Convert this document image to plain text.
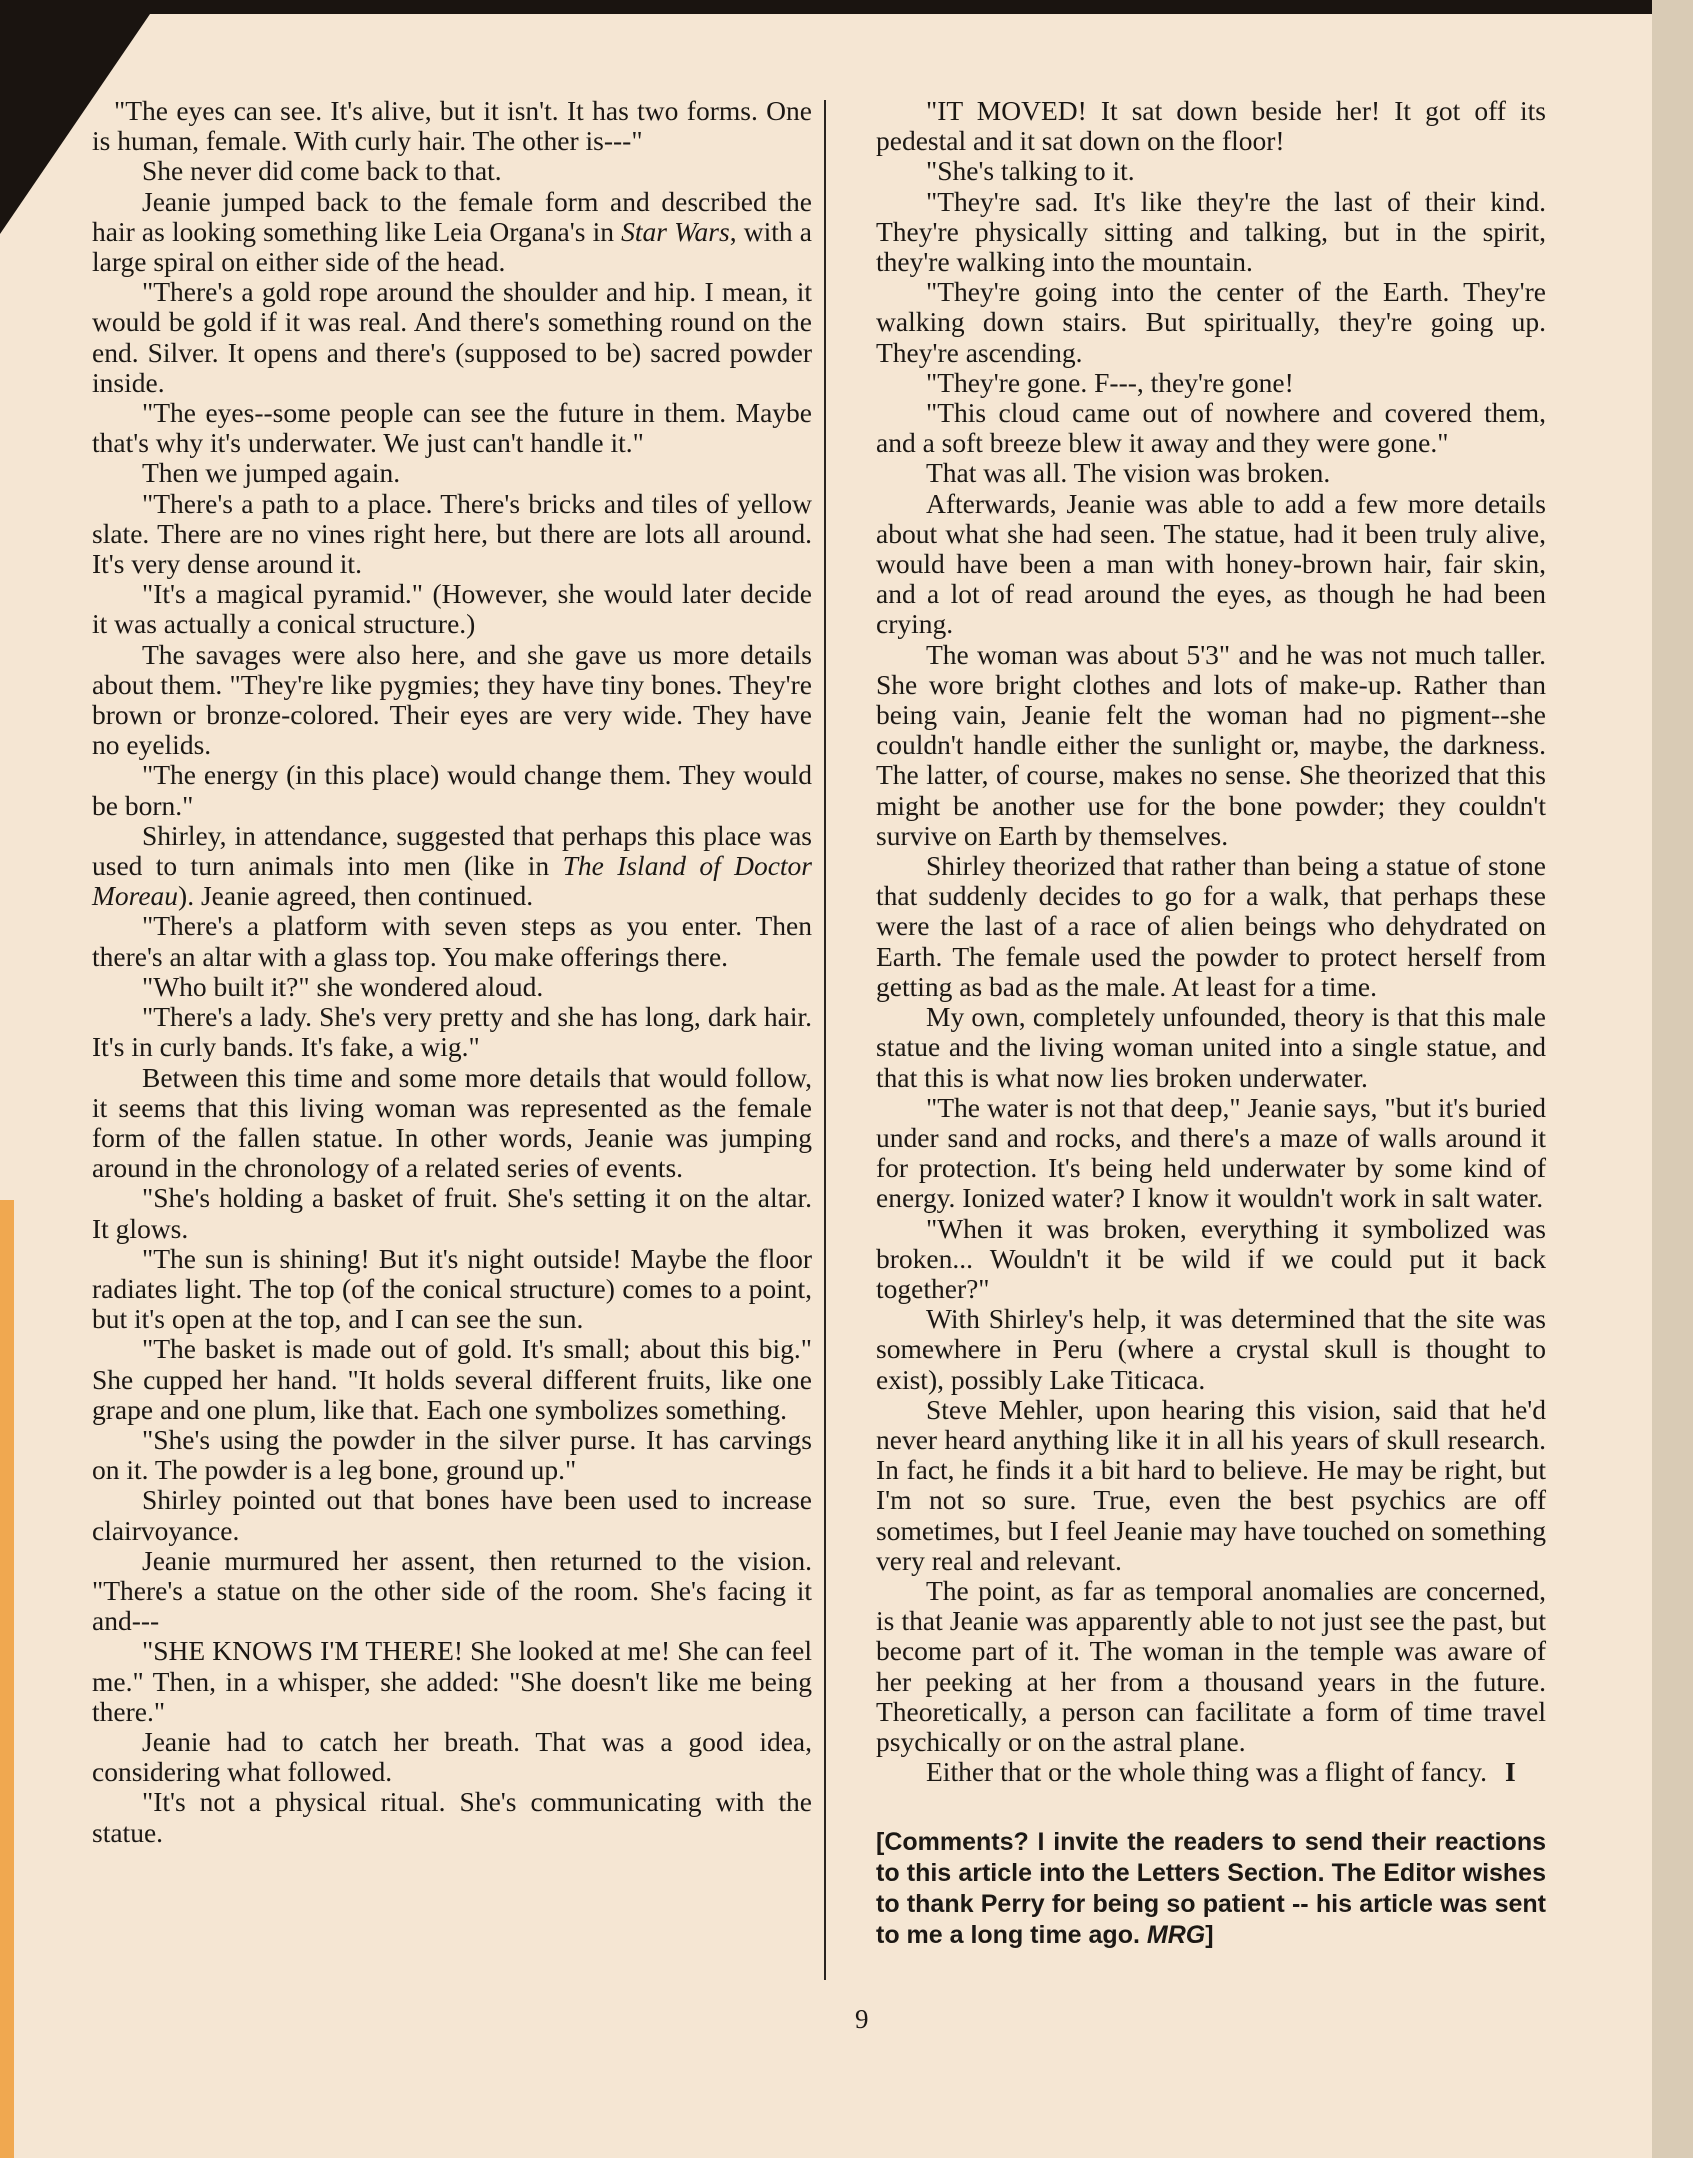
"The eyes can see. It's alive, but it isn't. It has two forms. One is human, female. With curly hair. The other is---"

She never did come back to that.

Jeanie jumped back to the female form and described the hair as looking something like Leia Organa's in Star Wars, with a large spiral on either side of the head.

"There's a gold rope around the shoulder and hip. I mean, it would be gold if it was real. And there's something round on the end. Silver. It opens and there's (supposed to be) sacred powder inside.

"The eyes--some people can see the future in them. Maybe that's why it's underwater. We just can't handle it."

Then we jumped again.

"There's a path to a place. There's bricks and tiles of yellow slate. There are no vines right here, but there are lots all around. It's very dense around it.

"It's a magical pyramid." (However, she would later decide it was actually a conical structure.)

The savages were also here, and she gave us more details about them. "They're like pygmies; they have tiny bones. They're brown or bronze-colored. Their eyes are very wide. They have no eyelids.

"The energy (in this place) would change them. They would be born."

Shirley, in attendance, suggested that perhaps this place was used to turn animals into men (like in The Island of Doctor Moreau). Jeanie agreed, then continued.

"There's a platform with seven steps as you enter. Then there's an altar with a glass top. You make offerings there.

"Who built it?" she wondered aloud.

"There's a lady. She's very pretty and she has long, dark hair. It's in curly bands. It's fake, a wig."

Between this time and some more details that would follow, it seems that this living woman was represented as the female form of the fallen statue. In other words, Jeanie was jumping around in the chronology of a related series of events.

"She's holding a basket of fruit. She's setting it on the altar. It glows.

"The sun is shining! But it's night outside! Maybe the floor radiates light. The top (of the conical structure) comes to a point, but it's open at the top, and I can see the sun.

"The basket is made out of gold. It's small; about this big." She cupped her hand. "It holds several different fruits, like one grape and one plum, like that. Each one symbolizes something.

"She's using the powder in the silver purse. It has carvings on it. The powder is a leg bone, ground up."

Shirley pointed out that bones have been used to increase clairvoyance.

Jeanie murmured her assent, then returned to the vision. "There's a statue on the other side of the room. She's facing it and---

"SHE KNOWS I'M THERE! She looked at me! She can feel me." Then, in a whisper, she added: "She doesn't like me being there."

Jeanie had to catch her breath. That was a good idea, considering what followed.

"It's not a physical ritual. She's communicating with the statue.

"IT MOVED! It sat down beside her! It got off its pedestal and it sat down on the floor!

"She's talking to it.

"They're sad. It's like they're the last of their kind. They're physically sitting and talking, but in the spirit, they're walking into the mountain.

"They're going into the center of the Earth. They're walking down stairs. But spiritually, they're going up. They're ascending.

"They're gone. F---, they're gone!

"This cloud came out of nowhere and covered them, and a soft breeze blew it away and they were gone."

That was all. The vision was broken.

Afterwards, Jeanie was able to add a few more details about what she had seen. The statue, had it been truly alive, would have been a man with honey-brown hair, fair skin, and a lot of read around the eyes, as though he had been crying.

The woman was about 5'3" and he was not much taller. She wore bright clothes and lots of make-up. Rather than being vain, Jeanie felt the woman had no pigment--she couldn't handle either the sunlight or, maybe, the darkness. The latter, of course, makes no sense. She theorized that this might be another use for the bone powder; they couldn't survive on Earth by themselves.

Shirley theorized that rather than being a statue of stone that suddenly decides to go for a walk, that perhaps these were the last of a race of alien beings who dehydrated on Earth. The female used the powder to protect herself from getting as bad as the male. At least for a time.

My own, completely unfounded, theory is that this male statue and the living woman united into a single statue, and that this is what now lies broken underwater.

"The water is not that deep," Jeanie says, "but it's buried under sand and rocks, and there's a maze of walls around it for protection. It's being held underwater by some kind of energy. Ionized water? I know it wouldn't work in salt water.

"When it was broken, everything it symbolized was broken... Wouldn't it be wild if we could put it back together?"

With Shirley's help, it was determined that the site was somewhere in Peru (where a crystal skull is thought to exist), possibly Lake Titicaca.

Steve Mehler, upon hearing this vision, said that he'd never heard anything like it in all his years of skull research. In fact, he finds it a bit hard to believe. He may be right, but I'm not so sure. True, even the best psychics are off sometimes, but I feel Jeanie may have touched on something very real and relevant.

The point, as far as temporal anomalies are concerned, is that Jeanie was apparently able to not just see the past, but become part of it. The woman in the temple was aware of her peeking at her from a thousand years in the future. Theoretically, a person can facilitate a form of time travel psychically or on the astral plane.

Either that or the whole thing was a flight of fancy. I

[Comments? I invite the readers to send their reactions to this article into the Letters Section. The Editor wishes to thank Perry for being so patient -- his article was sent to me a long time ago. MRG]

9
